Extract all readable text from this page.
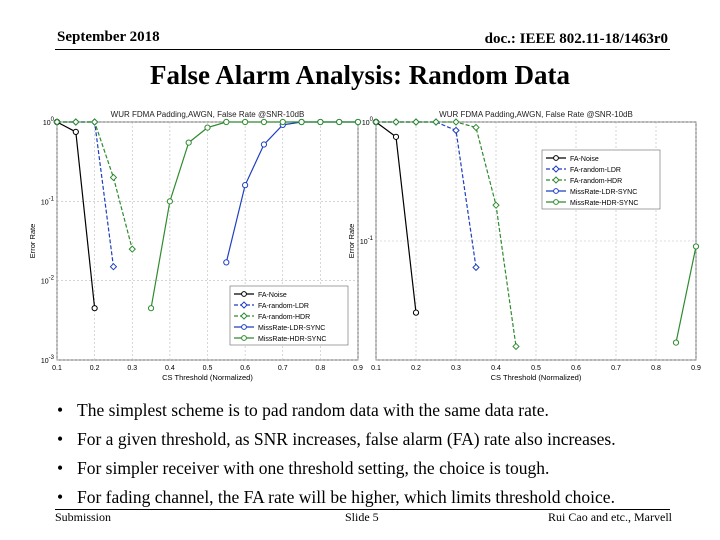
September 2018	doc.: IEEE 802.11-18/1463r0
False Alarm Analysis: Random Data
0.1	0.2	0.3	0.4	0.5	0.6	0.7	0.8	0.9
100
10-1
10-2
10-3
WUR FDMA Padding,AWGN, False Rate @SNR-10dB
CS Threshold (Normalized)
Error Rate
FA-Noise
FA-random-LDR
FA-random-HDR
MissRate-LDR-SYNC
MissRate-HDR-SYNC
0.1	0.2	0.3	0.4	0.5	0.6	0.7	0.8	0.9
100
10-1
WUR FDMA Padding,AWGN, False Rate @SNR-10dB
CS Threshold (Normalized)
Error Rate
FA-Noise
FA-random-LDR
FA-random-HDR
MissRate-LDR-SYNC
MissRate-HDR-SYNC
• The simplest scheme is to pad random data with the same data rate.
• For a given threshold, as SNR increases, false alarm (FA) rate also increases.
• For simpler receiver with one threshold setting, the choice is tough.
• For fading channel, the FA rate will be higher, which limits threshold choice.
Submission	Slide 5	Rui Cao and etc., Marvell
